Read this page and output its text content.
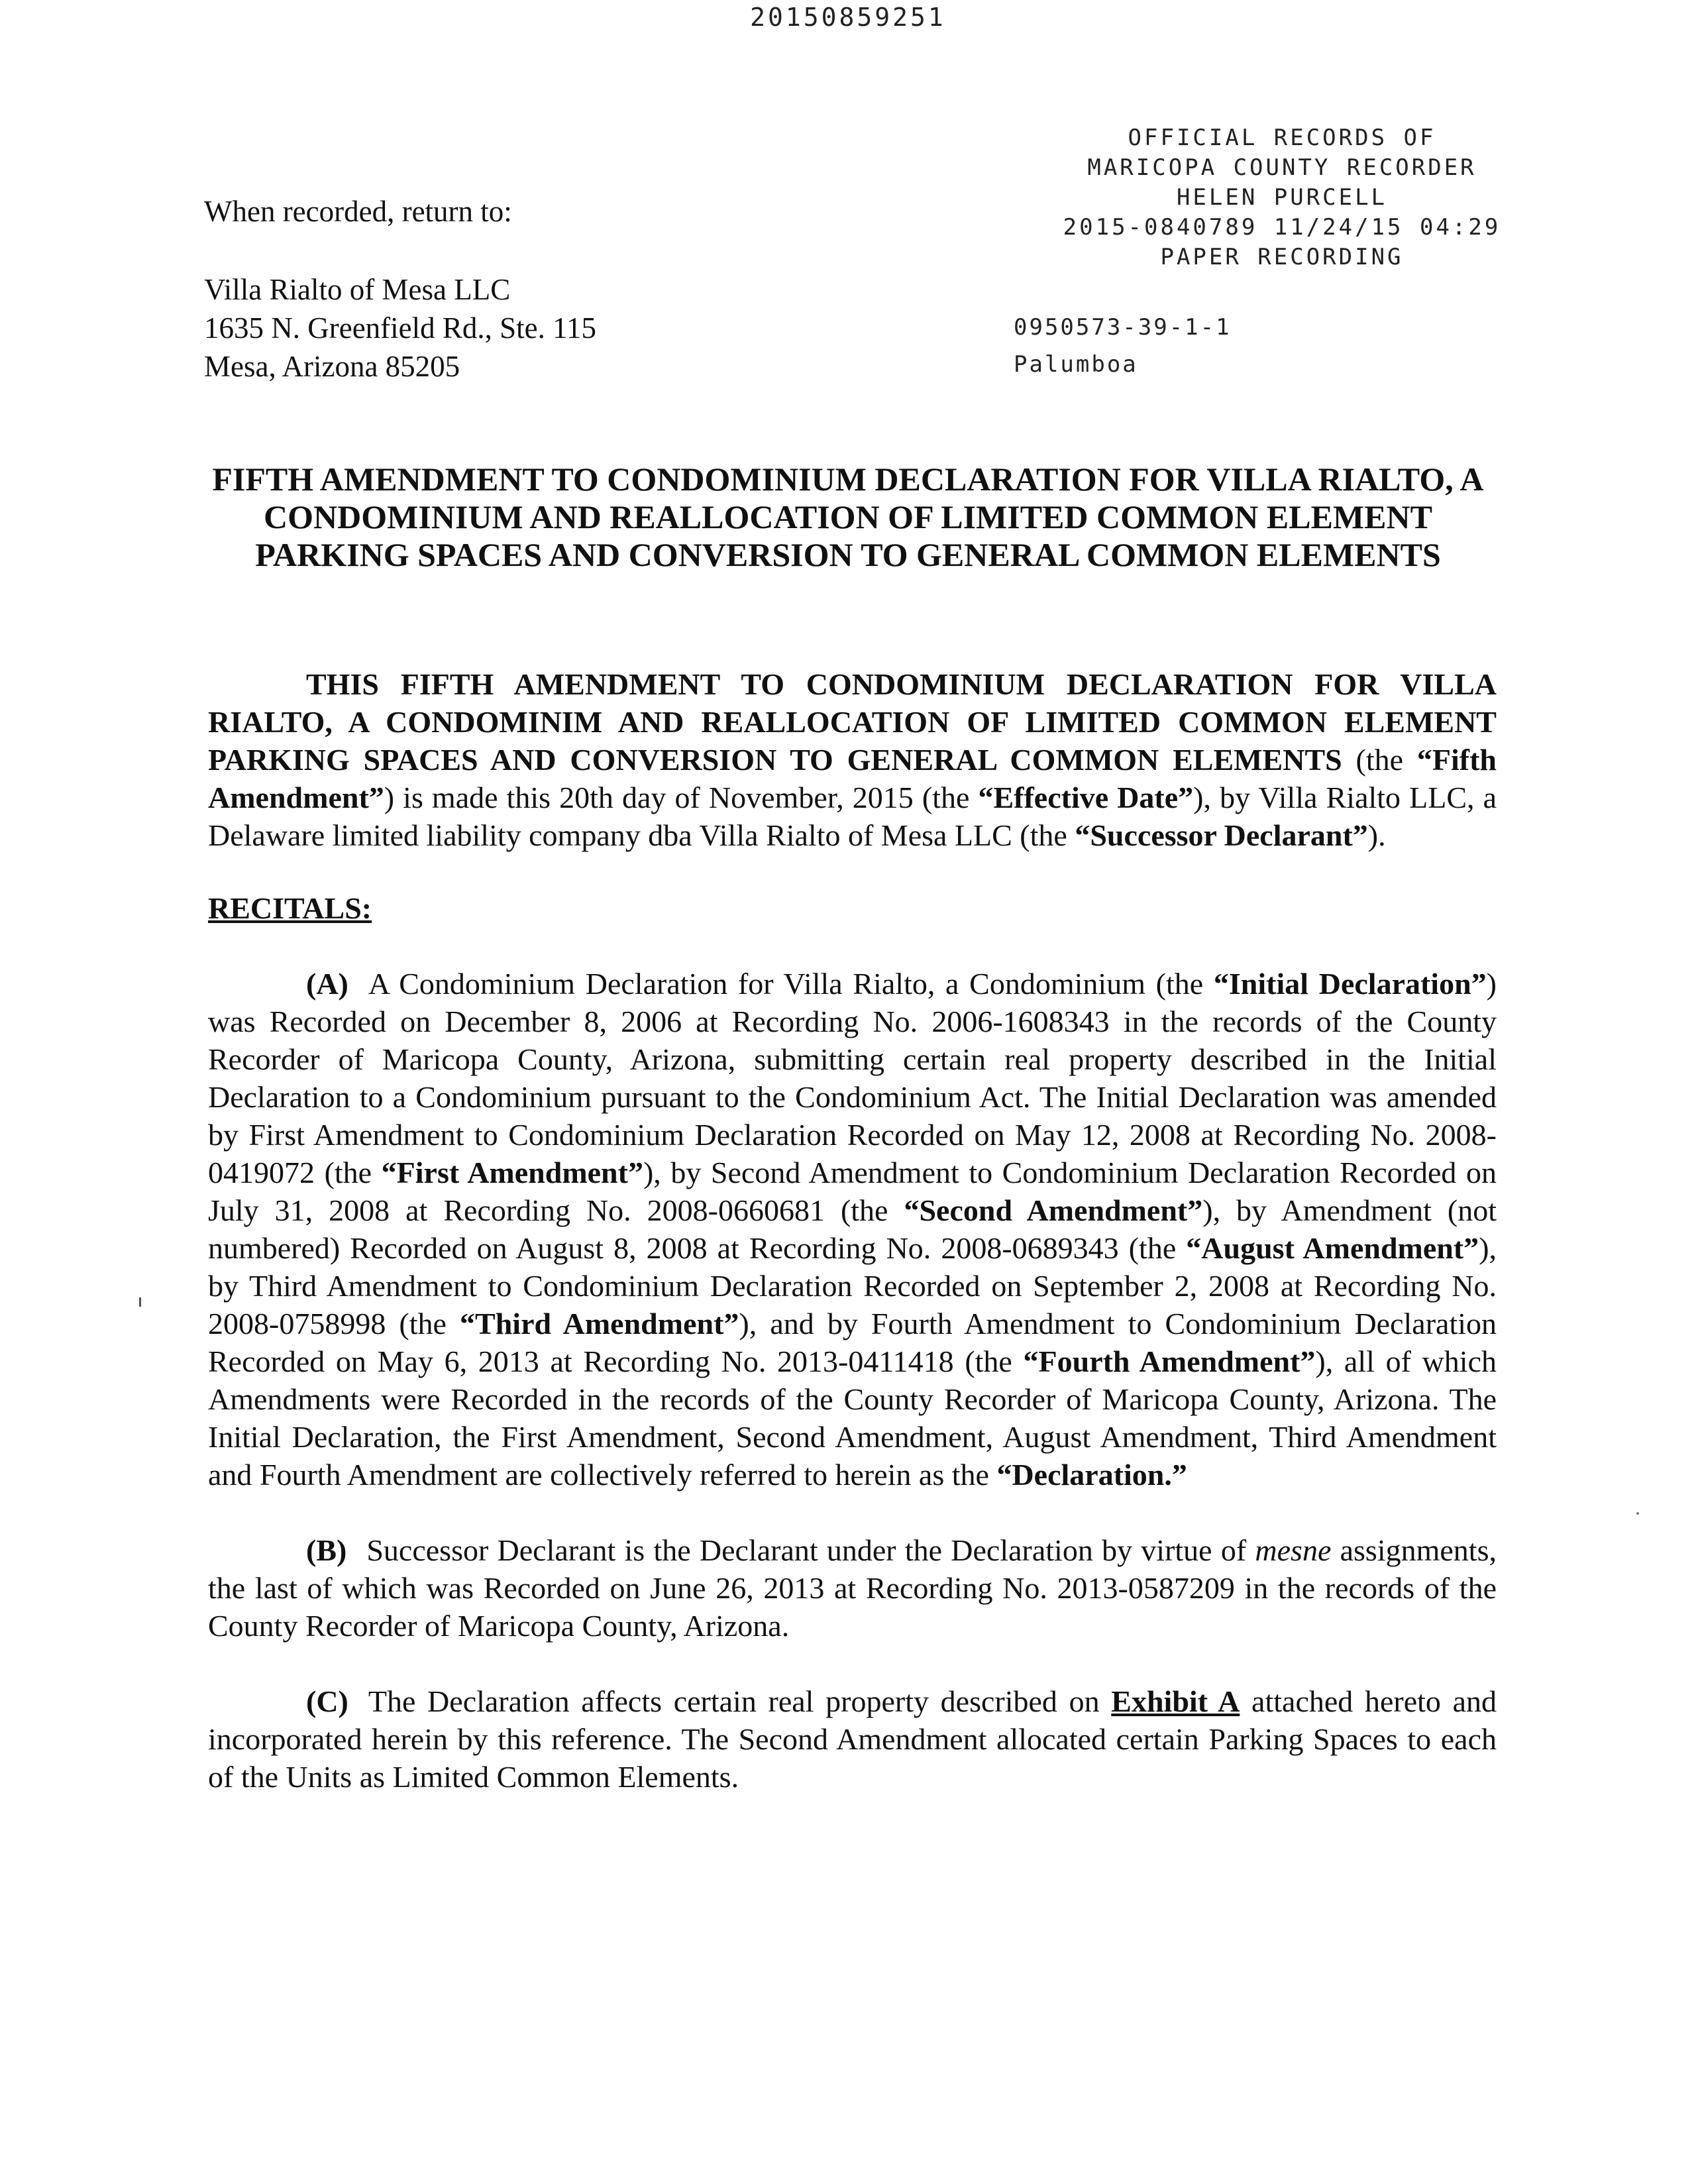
20150859251
OFFICIAL RECORDS OF
MARICOPA COUNTY RECORDER
HELEN PURCELL
2015-0840789 11/24/15 04:29
PAPER RECORDING
When recorded, return to:
Villa Rialto of Mesa LLC
1635 N. Greenfield Rd., Ste. 115
Mesa, Arizona 85205
0950573-39-1-1
Palumboa
FIFTH AMENDMENT TO CONDOMINIUM DECLARATION FOR VILLA RIALTO, A CONDOMINIUM AND REALLOCATION OF LIMITED COMMON ELEMENT PARKING SPACES AND CONVERSION TO GENERAL COMMON ELEMENTS

THIS FIFTH AMENDMENT TO CONDOMINIUM DECLARATION FOR VILLA RIALTO, A CONDOMINIM AND REALLOCATION OF LIMITED COMMON ELEMENT PARKING SPACES AND CONVERSION TO GENERAL COMMON ELEMENTS (the “Fifth Amendment”) is made this 20th day of November, 2015 (the “Effective Date”), by Villa Rialto LLC, a Delaware limited liability company dba Villa Rialto of Mesa LLC (the “Successor Declarant”).

RECITALS:

(A) A Condominium Declaration for Villa Rialto, a Condominium (the “Initial Declaration”) was Recorded on December 8, 2006 at Recording No. 2006-1608343 in the records of the County Recorder of Maricopa County, Arizona, submitting certain real property described in the Initial Declaration to a Condominium pursuant to the Condominium Act. The Initial Declaration was amended by First Amendment to Condominium Declaration Recorded on May 12, 2008 at Recording No. 2008-0419072 (the “First Amendment”), by Second Amendment to Condominium Declaration Recorded on July 31, 2008 at Recording No. 2008-0660681 (the “Second Amendment”), by Amendment (not numbered) Recorded on August 8, 2008 at Recording No. 2008-0689343 (the “August Amendment”), by Third Amendment to Condominium Declaration Recorded on September 2, 2008 at Recording No. 2008-0758998 (the “Third Amendment”), and by Fourth Amendment to Condominium Declaration Recorded on May 6, 2013 at Recording No. 2013-0411418 (the “Fourth Amendment”), all of which Amendments were Recorded in the records of the County Recorder of Maricopa County, Arizona. The Initial Declaration, the First Amendment, Second Amendment, August Amendment, Third Amendment and Fourth Amendment are collectively referred to herein as the “Declaration.”

(B) Successor Declarant is the Declarant under the Declaration by virtue of mesne assignments, the last of which was Recorded on June 26, 2013 at Recording No. 2013-0587209 in the records of the County Recorder of Maricopa County, Arizona.

(C) The Declaration affects certain real property described on Exhibit A attached hereto and incorporated herein by this reference. The Second Amendment allocated certain Parking Spaces to each of the Units as Limited Common Elements.
